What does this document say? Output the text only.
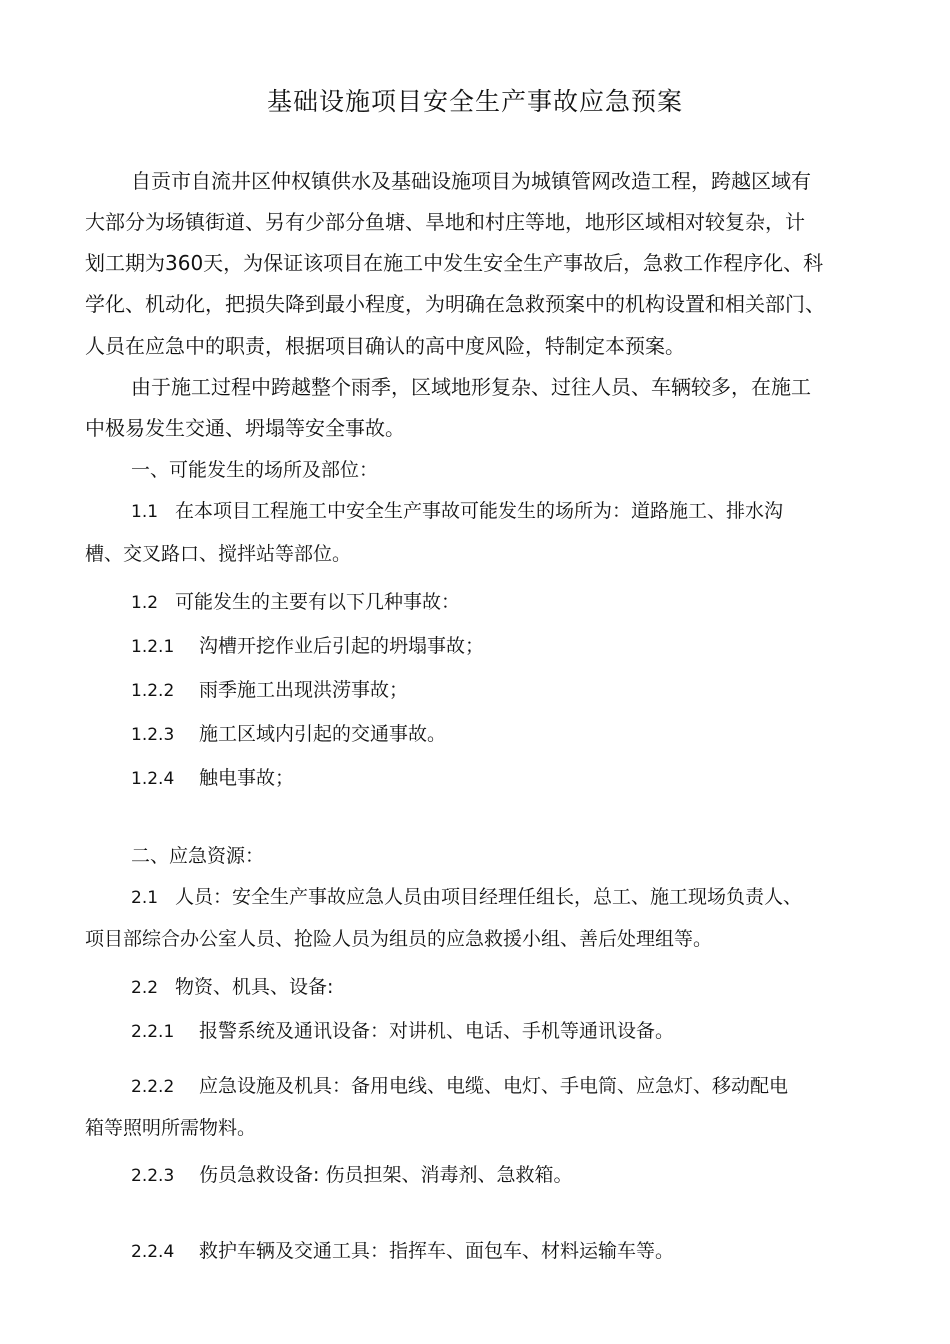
基础设施项目安全生产事故应急预案
自贡市自流井区仲权镇供水及基础设施项目为城镇管网改造工程，跨越区域有
大部分为场镇街道、另有少部分鱼塘、旱地和村庄等地，地形区域相对较复杂，计
划工期为360天，为保证该项目在施工中发生安全生产事故后，急救工作程序化、科
学化、机动化，把损失降到最小程度，为明确在急救预案中的机构设置和相关部门、
人员在应急中的职责，根据项目确认的高中度风险，特制定本预案。
由于施工过程中跨越整个雨季，区域地形复杂、过往人员、车辆较多，在施工
中极易发生交通、坍塌等安全事故。
一、可能发生的场所及部位：
1.1 在本项目工程施工中安全生产事故可能发生的场所为：道路施工、排水沟
槽、交叉路口、搅拌站等部位。
1.2 可能发生的主要有以下几种事故：
1.2.1 沟槽开挖作业后引起的坍塌事故；
1.2.2 雨季施工出现洪涝事故；
1.2.3 施工区域内引起的交通事故。
1.2.4 触电事故；
二、应急资源：
2.1 人员：安全生产事故应急人员由项目经理任组长，总工、施工现场负责人、
项目部综合办公室人员、抢险人员为组员的应急救援小组、善后处理组等。
2.2 物资、机具、设备:
2.2.1 报警系统及通讯设备：对讲机、电话、手机等通讯设备。
2.2.2 应急设施及机具：备用电线、电缆、电灯、手电筒、应急灯、移动配电
箱等照明所需物料。
2.2.3 伤员急救设备: 伤员担架、消毒剂、急救箱。
2.2.4 救护车辆及交通工具：指挥车、面包车、材料运输车等。
